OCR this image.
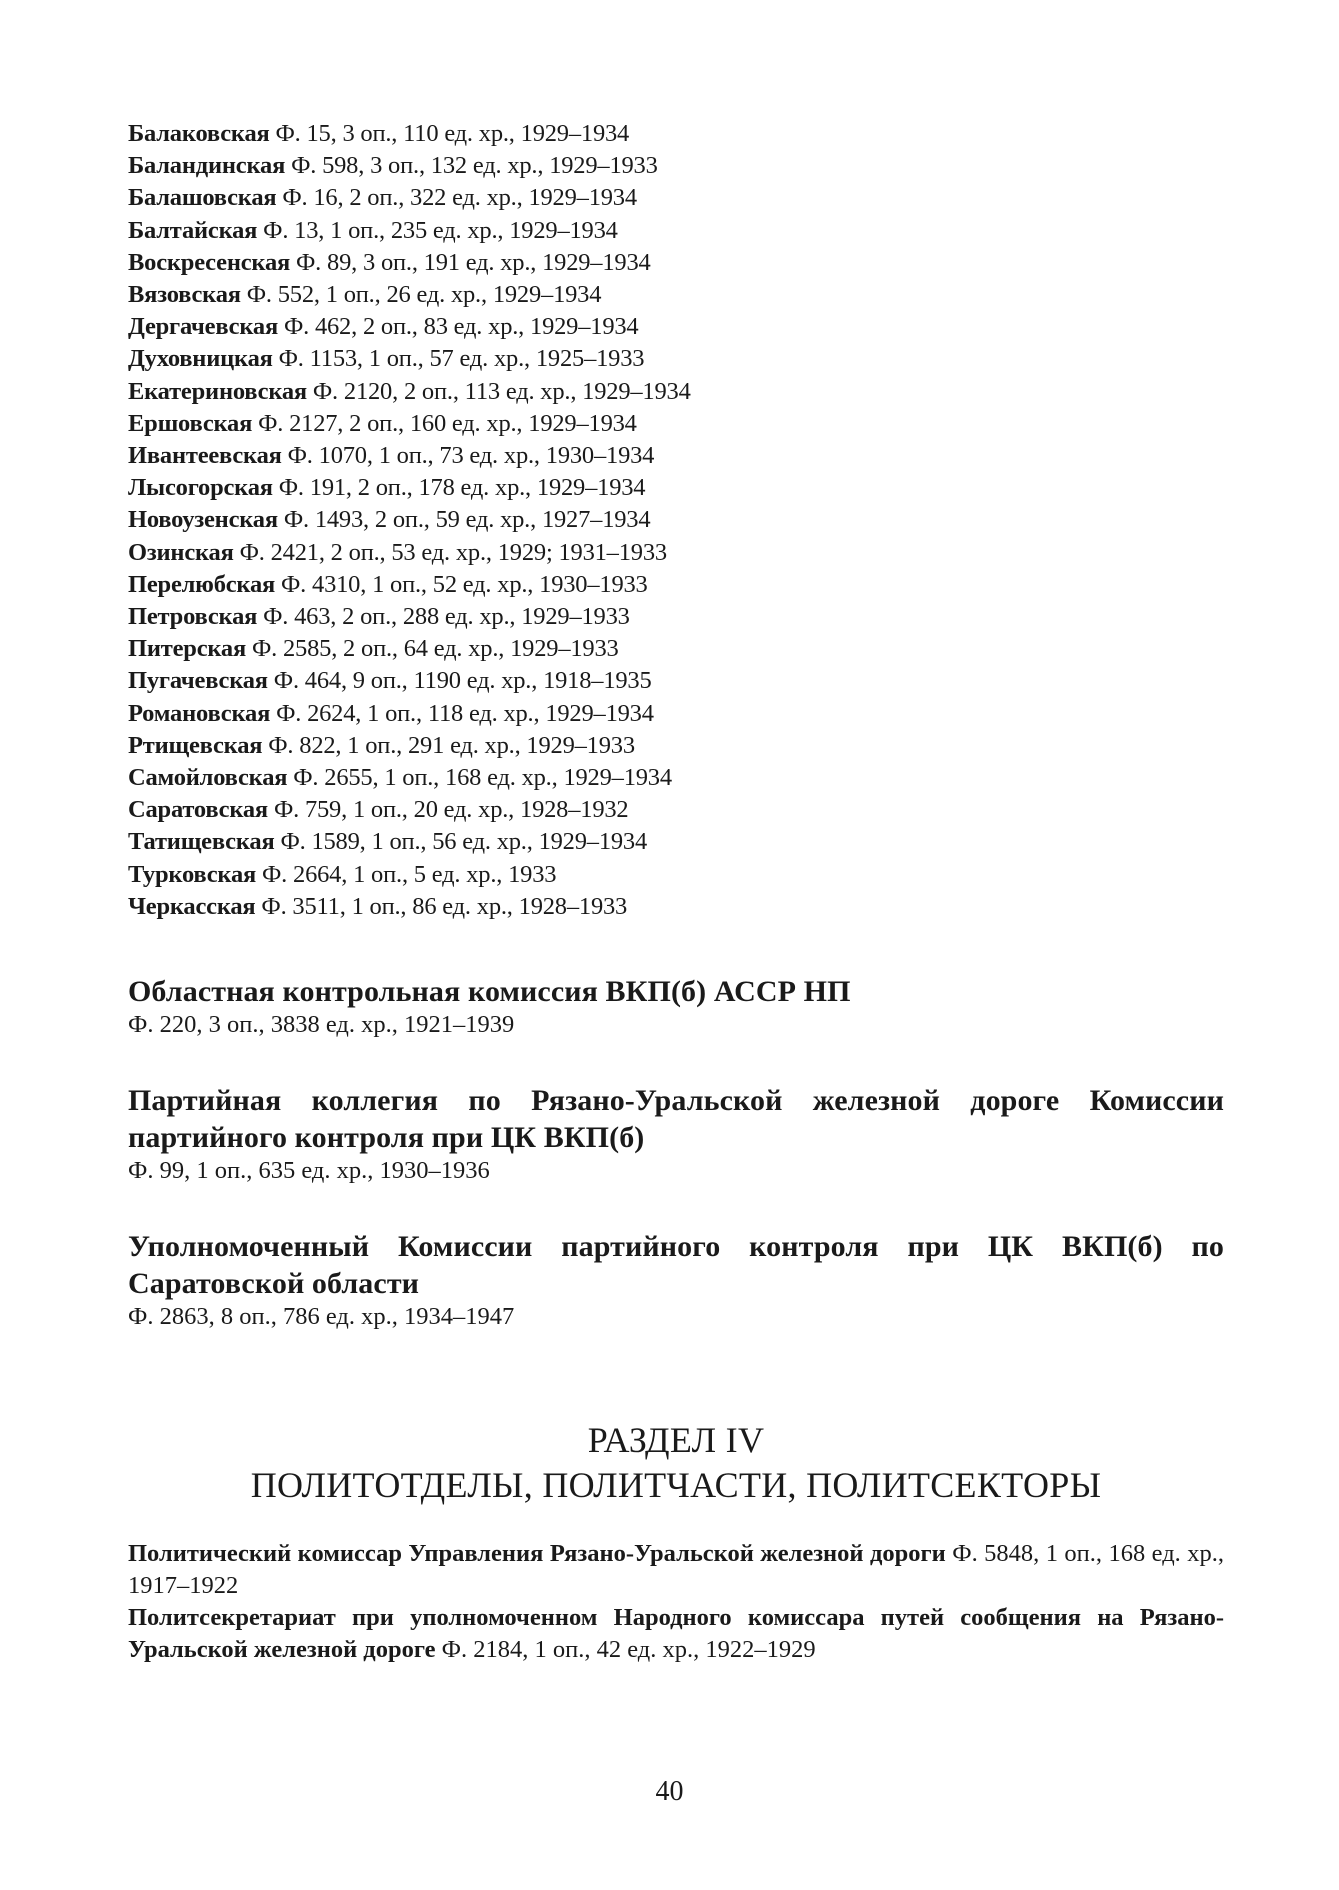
Балаковская Ф. 15, 3 оп., 110 ед. хр., 1929–1934
Баландинская Ф. 598, 3 оп., 132 ед. хр., 1929–1933
Балашовская Ф. 16, 2 оп., 322 ед. хр., 1929–1934
Балтайская Ф. 13, 1 оп., 235 ед. хр., 1929–1934
Воскресенская Ф. 89, 3 оп., 191 ед. хр., 1929–1934
Вязовская Ф. 552, 1 оп., 26 ед. хр., 1929–1934
Дергачевская Ф. 462, 2 оп., 83 ед. хр., 1929–1934
Духовницкая Ф. 1153, 1 оп., 57 ед. хр., 1925–1933
Екатериновская Ф. 2120, 2 оп., 113 ед. хр., 1929–1934
Ершовская Ф. 2127, 2 оп., 160 ед. хр., 1929–1934
Ивантеевская Ф. 1070, 1 оп., 73 ед. хр., 1930–1934
Лысогорская Ф. 191, 2 оп., 178 ед. хр., 1929–1934
Новоузенская Ф. 1493, 2 оп., 59 ед. хр., 1927–1934
Озинская Ф. 2421, 2 оп., 53 ед. хр., 1929; 1931–1933
Перелюбская Ф. 4310, 1 оп., 52 ед. хр., 1930–1933
Петровская Ф. 463, 2 оп., 288 ед. хр., 1929–1933
Питерская Ф. 2585, 2 оп., 64 ед. хр., 1929–1933
Пугачевская Ф. 464, 9 оп., 1190 ед. хр., 1918–1935
Романовская Ф. 2624, 1 оп., 118 ед. хр., 1929–1934
Ртищевская Ф. 822, 1 оп., 291 ед. хр., 1929–1933
Самойловская Ф. 2655, 1 оп., 168 ед. хр., 1929–1934
Саратовская Ф. 759, 1 оп., 20 ед. хр., 1928–1932
Татищевская Ф. 1589, 1 оп., 56 ед. хр., 1929–1934
Турковская Ф. 2664, 1 оп., 5 ед. хр., 1933
Черкасская Ф. 3511, 1 оп., 86 ед. хр., 1928–1933
Областная контрольная комиссия ВКП(б) АССР НП
Ф. 220, 3 оп., 3838 ед. хр., 1921–1939
Партийная коллегия по Рязано-Уральской железной дороге Комиссии партийного контроля при ЦК ВКП(б)
Ф. 99, 1 оп., 635 ед. хр., 1930–1936
Уполномоченный Комиссии партийного контроля при ЦК ВКП(б) по Саратовской области
Ф. 2863, 8 оп., 786 ед. хр., 1934–1947
РАЗДЕЛ IV
ПОЛИТОТДЕЛЫ, ПОЛИТЧАСТИ, ПОЛИТСЕКТОРЫ
Политический комиссар Управления Рязано-Уральской железной дороги Ф. 5848, 1 оп., 168 ед. хр., 1917–1922
Политсекретариат при уполномоченном Народного комиссара путей сообщения на Рязано-Уральской железной дороге Ф. 2184, 1 оп., 42 ед. хр., 1922–1929
40
